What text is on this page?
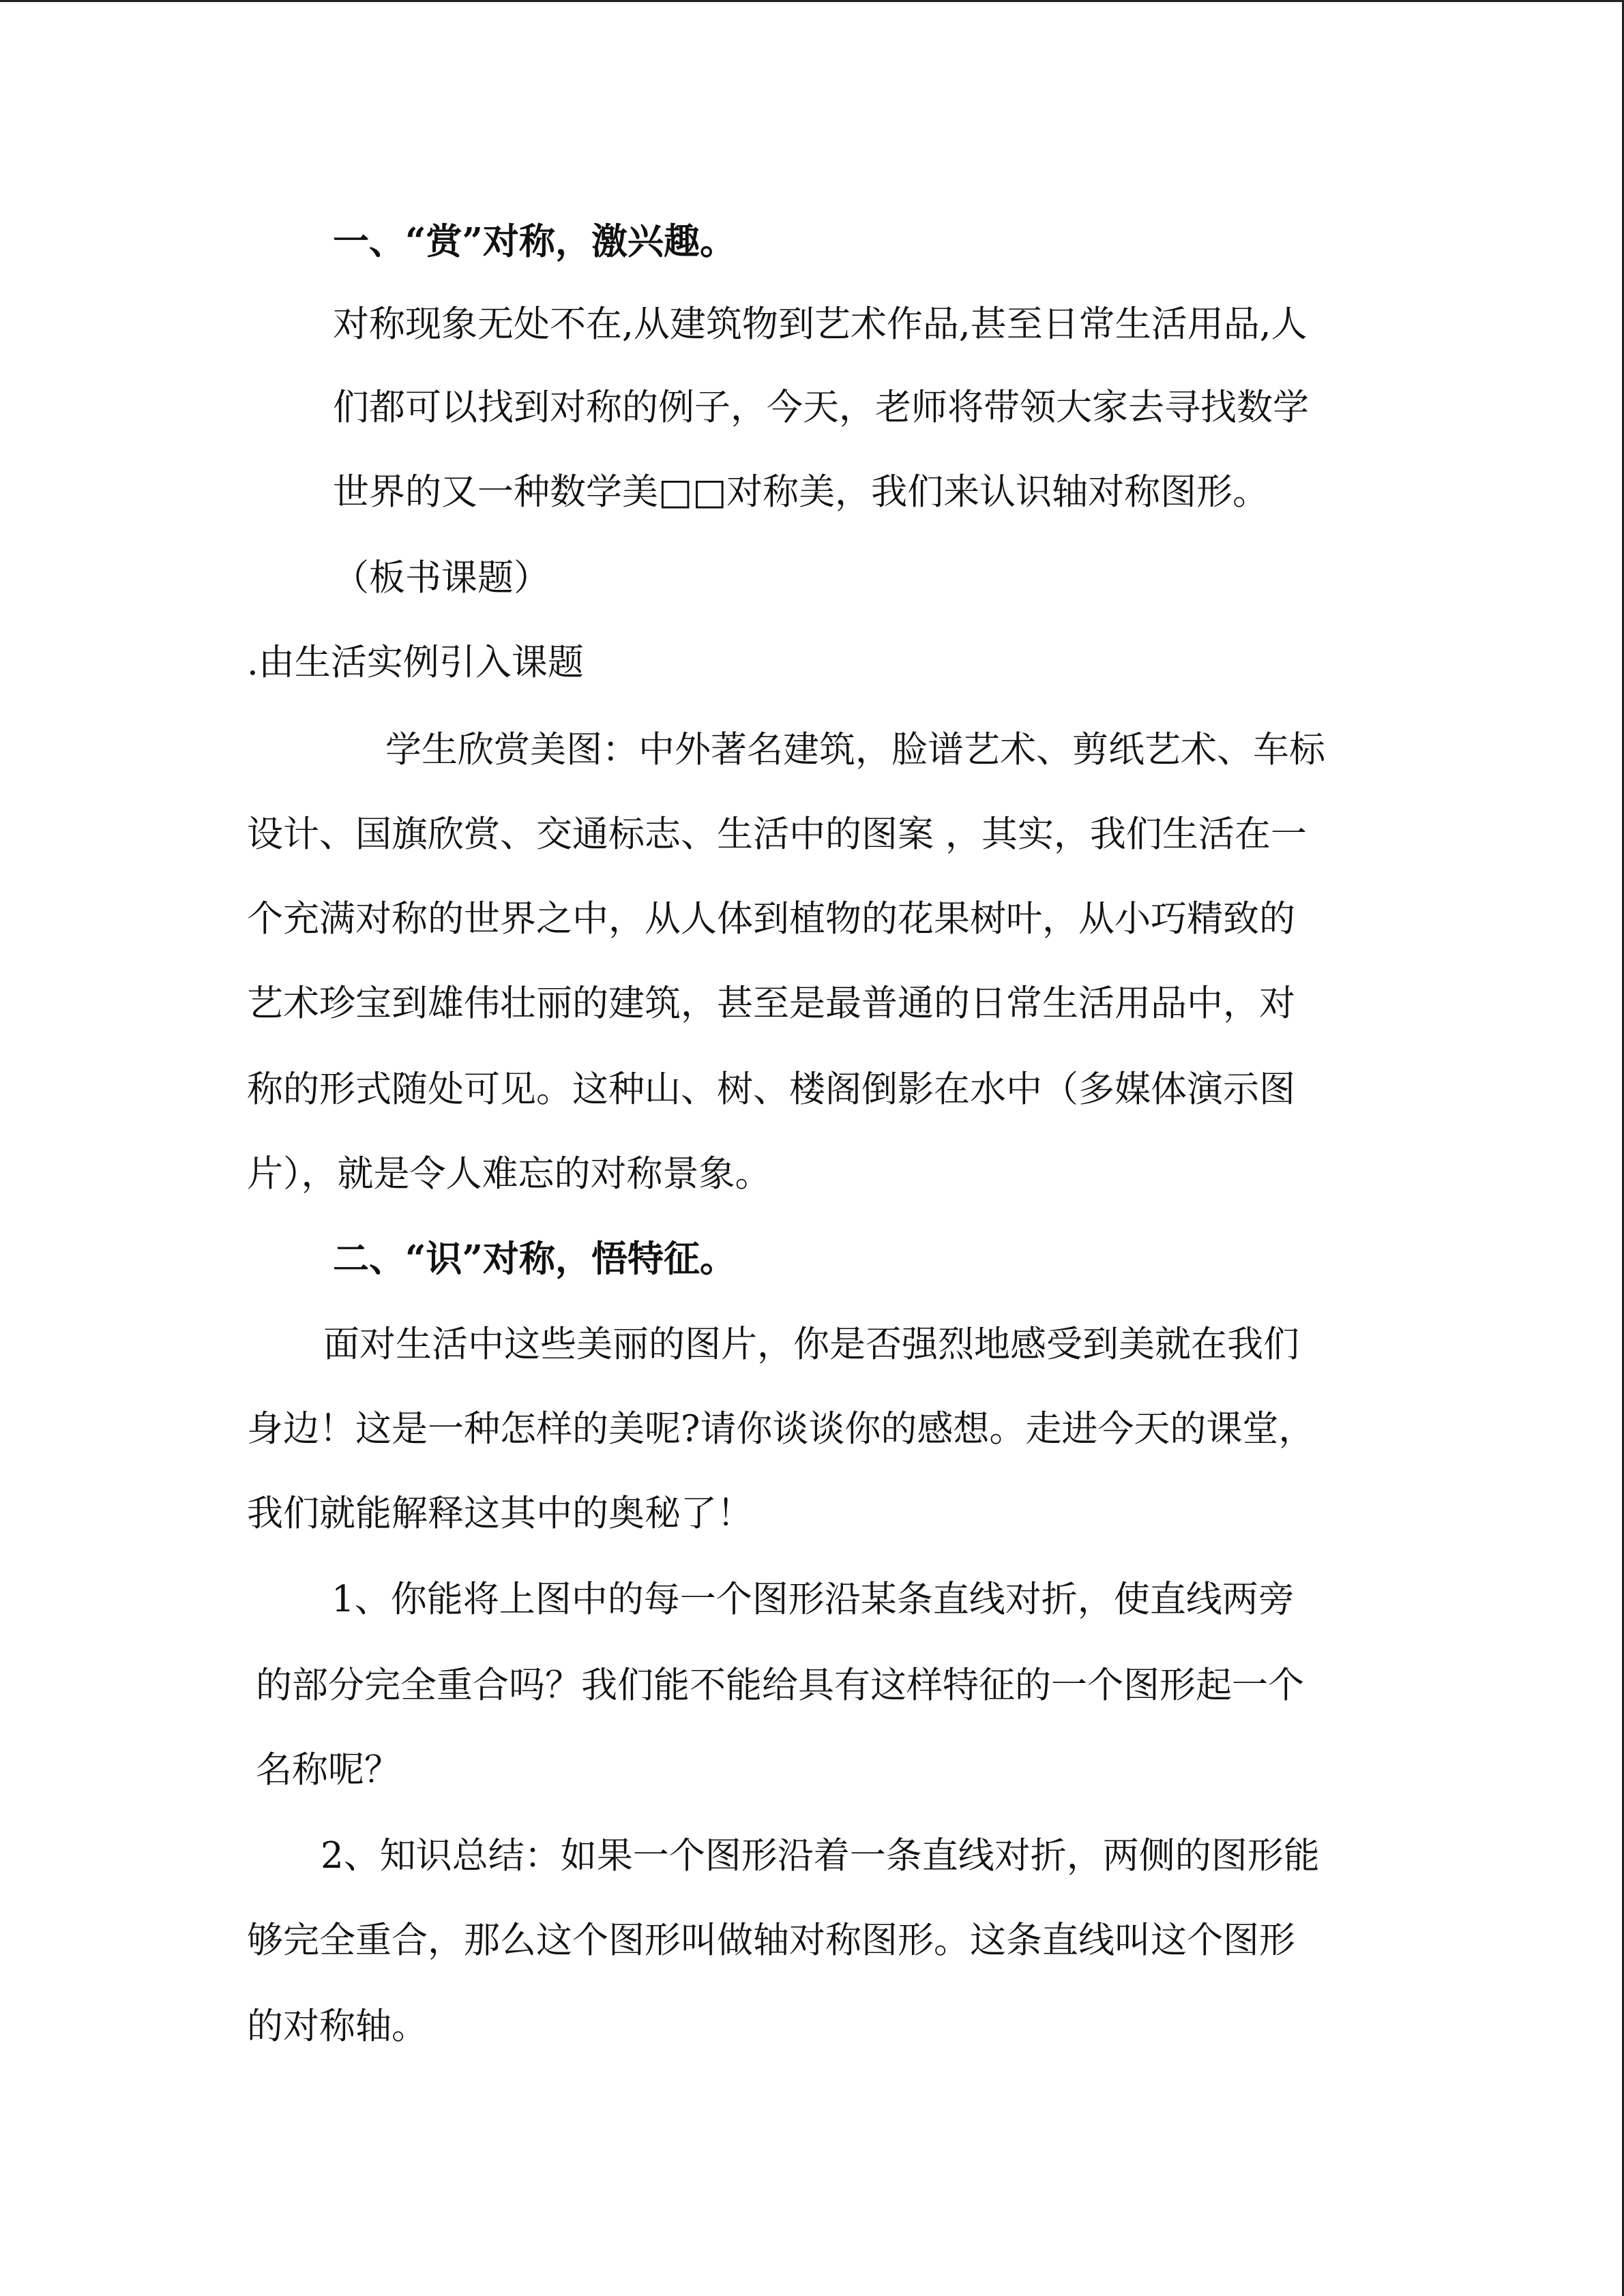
一、“赏”对称，激兴趣。
对称现象无处不在,从建筑物到艺术作品,甚至日常生活用品,人
们都可以找到对称的例子，今天，老师将带领大家去寻找数学
世界的又一种数学美□□对称美，我们来认识轴对称图形。
（板书课题）
.由生活实例引入课题
学生欣赏美图：中外著名建筑，脸谱艺术、剪纸艺术、车标
设计、国旗欣赏、交通标志、生活中的图案 ，其实，我们生活在一
个充满对称的世界之中，从人体到植物的花果树叶，从小巧精致的
艺术珍宝到雄伟壮丽的建筑，甚至是最普通的日常生活用品中，对
称的形式随处可见。这种山、树、楼阁倒影在水中（多媒体演示图
片），就是令人难忘的对称景象。
二、“识”对称，悟特征。
面对生活中这些美丽的图片，你是否强烈地感受到美就在我们
身边！这是一种怎样的美呢?请你谈谈你的感想。走进今天的课堂，
我们就能解释这其中的奥秘了！
1、你能将上图中的每一个图形沿某条直线对折，使直线两旁
的部分完全重合吗？我们能不能给具有这样特征的一个图形起一个
名称呢？
2、知识总结：如果一个图形沿着一条直线对折，两侧的图形能
够完全重合，那么这个图形叫做轴对称图形。这条直线叫这个图形
的对称轴。
